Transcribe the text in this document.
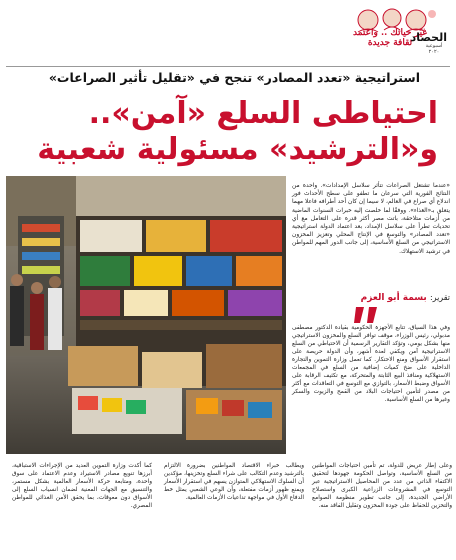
غيّر حياتك .. واعتمد ثقافة جديدة
الحصاد
أسبوعية ٢٠٢٠
استراتيجية «تعدد المصادر» تنجح في «تقليل تأثير الصراعات»
احتياطى السلع «آمن»..
و«الترشيد» مسئولية شعبية
«عندما تشتعل الصراعات تتأثر سلاسل الإمدادات». واحدة من النتائج الفورية التي سرعان ما تطفو على سطح الأحداث فور اندلاع أي صراع في العالم، لا سيما إن كان أحد أطرافه فاعلا مهما يتعلق بـ«الغذاء». ووفقًا لما خلصت إليه خبرات السنوات الماضية من أزمات متلاحقة، باتت مصر أكثر قدرة على التعامل مع أي تحديات تطرأ على سلاسل الإمداد، بعد اعتماد الدولة استراتيجية «تعدد المصادر» والتوسع في الإنتاج المحلي وتعزيز المخزون الاستراتيجي من السلع الأساسية، إلى جانب الدور المهم للمواطن في ترشيد الاستهلاك.
تقرير: بسمة أبو العزم
وفي هذا السياق، تتابع الأجهزة الحكومية بقيادة الدكتور مصطفى مدبولي، رئيس الوزراء، موقف توافر السلع والمخزون الاستراتيجي منها بشكل يومي، وتؤكد التقارير الرسمية أن الاحتياطي من السلع الاستراتيجية آمن ويكفي لعدة أشهر، وأن الدولة حريصة على استقرار الأسواق ومنع الاحتكار. كما تعمل وزارة التموين والتجارة الداخلية على ضخ كميات إضافية من السلع في المجمعات الاستهلاكية ومنافذ البيع الثابتة والمتحركة، مع تكثيف الرقابة على الأسواق وضبط الأسعار، بالتوازي مع التوسع في التعاقدات مع أكثر من مصدر لتأمين احتياجات البلاد من القمح والزيوت والسكر وغيرها من السلع الأساسية.
وعلى إطار عريض للدولة، تم تأمين احتياجات المواطنين من السلع الأساسية، وتواصل الحكومة جهودها لتحقيق الاكتفاء الذاتي من عدد من المحاصيل الاستراتيجية عبر التوسع في المشروعات الزراعية الكبرى واستصلاح الأراضي الجديدة، إلى جانب تطوير منظومة الصوامع والتخزين للحفاظ على جودة المخزون وتقليل الفاقد منه.
ويطالب خبراء الاقتصاد المواطنين بضرورة الالتزام بالترشيد وعدم التكالب على شراء السلع وتخزينها، مؤكدين أن السلوك الاستهلاكي المتوازن يسهم في استقرار الأسعار ويمنع ظهور أزمات مفتعلة، وأن الوعي الشعبي يمثل خط الدفاع الأول في مواجهة تداعيات الأزمات العالمية.
كما أكدت وزارة التموين العديد من الإجراءات الاستباقية، أبرزها تنويع مصادر الاستيراد وعدم الاعتماد على سوق واحدة، ومتابعة حركة الأسعار العالمية بشكل مستمر، والتنسيق مع الجهات المعنية لضمان انسياب السلع إلى الأسواق دون معوقات، بما يحقق الأمن الغذائي للمواطن المصري.
